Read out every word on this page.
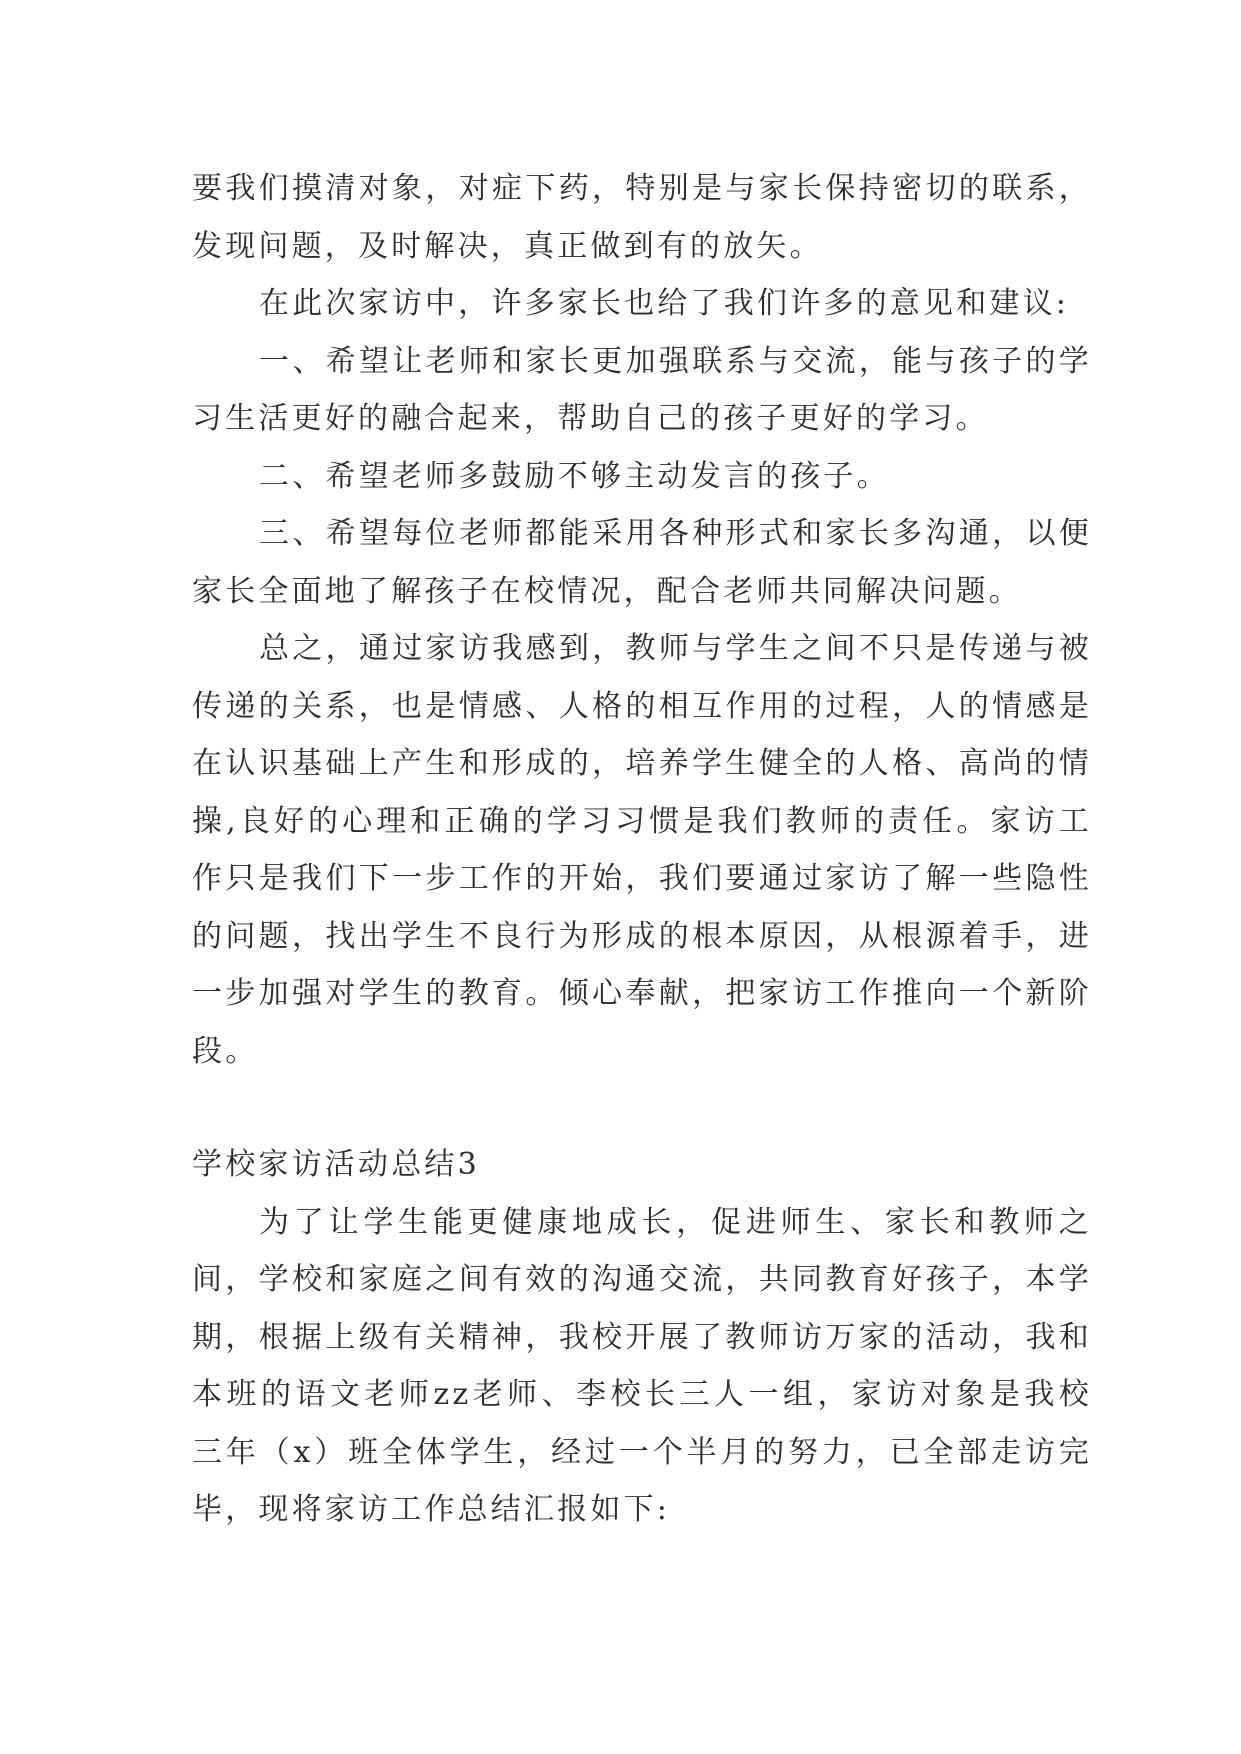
要我们摸清对象，对症下药，特别是与家长保持密切的联系，发现问题，及时解决，真正做到有的放矢。

在此次家访中，许多家长也给了我们许多的意见和建议:

一、希望让老师和家长更加强联系与交流，能与孩子的学习生活更好的融合起来，帮助自己的孩子更好的学习。

二、希望老师多鼓励不够主动发言的孩子。

三、希望每位老师都能采用各种形式和家长多沟通，以便家长全面地了解孩子在校情况，配合老师共同解决问题。

总之，通过家访我感到，教师与学生之间不只是传递与被传递的关系，也是情感、人格的相互作用的过程，人的情感是在认识基础上产生和形成的，培养学生健全的人格、高尚的情操,良好的心理和正确的学习习惯是我们教师的责任。家访工作只是我们下一步工作的开始，我们要通过家访了解一些隐性的问题，找出学生不良行为形成的根本原因，从根源着手，进一步加强对学生的教育。倾心奉献，把家访工作推向一个新阶段。

学校家访活动总结3

为了让学生能更健康地成长，促进师生、家长和教师之间，学校和家庭之间有效的沟通交流，共同教育好孩子，本学期，根据上级有关精神，我校开展了教师访万家的活动，我和本班的语文老师zz老师、李校长三人一组，家访对象是我校三年（x）班全体学生，经过一个半月的努力，已全部走访完毕，现将家访工作总结汇报如下:
